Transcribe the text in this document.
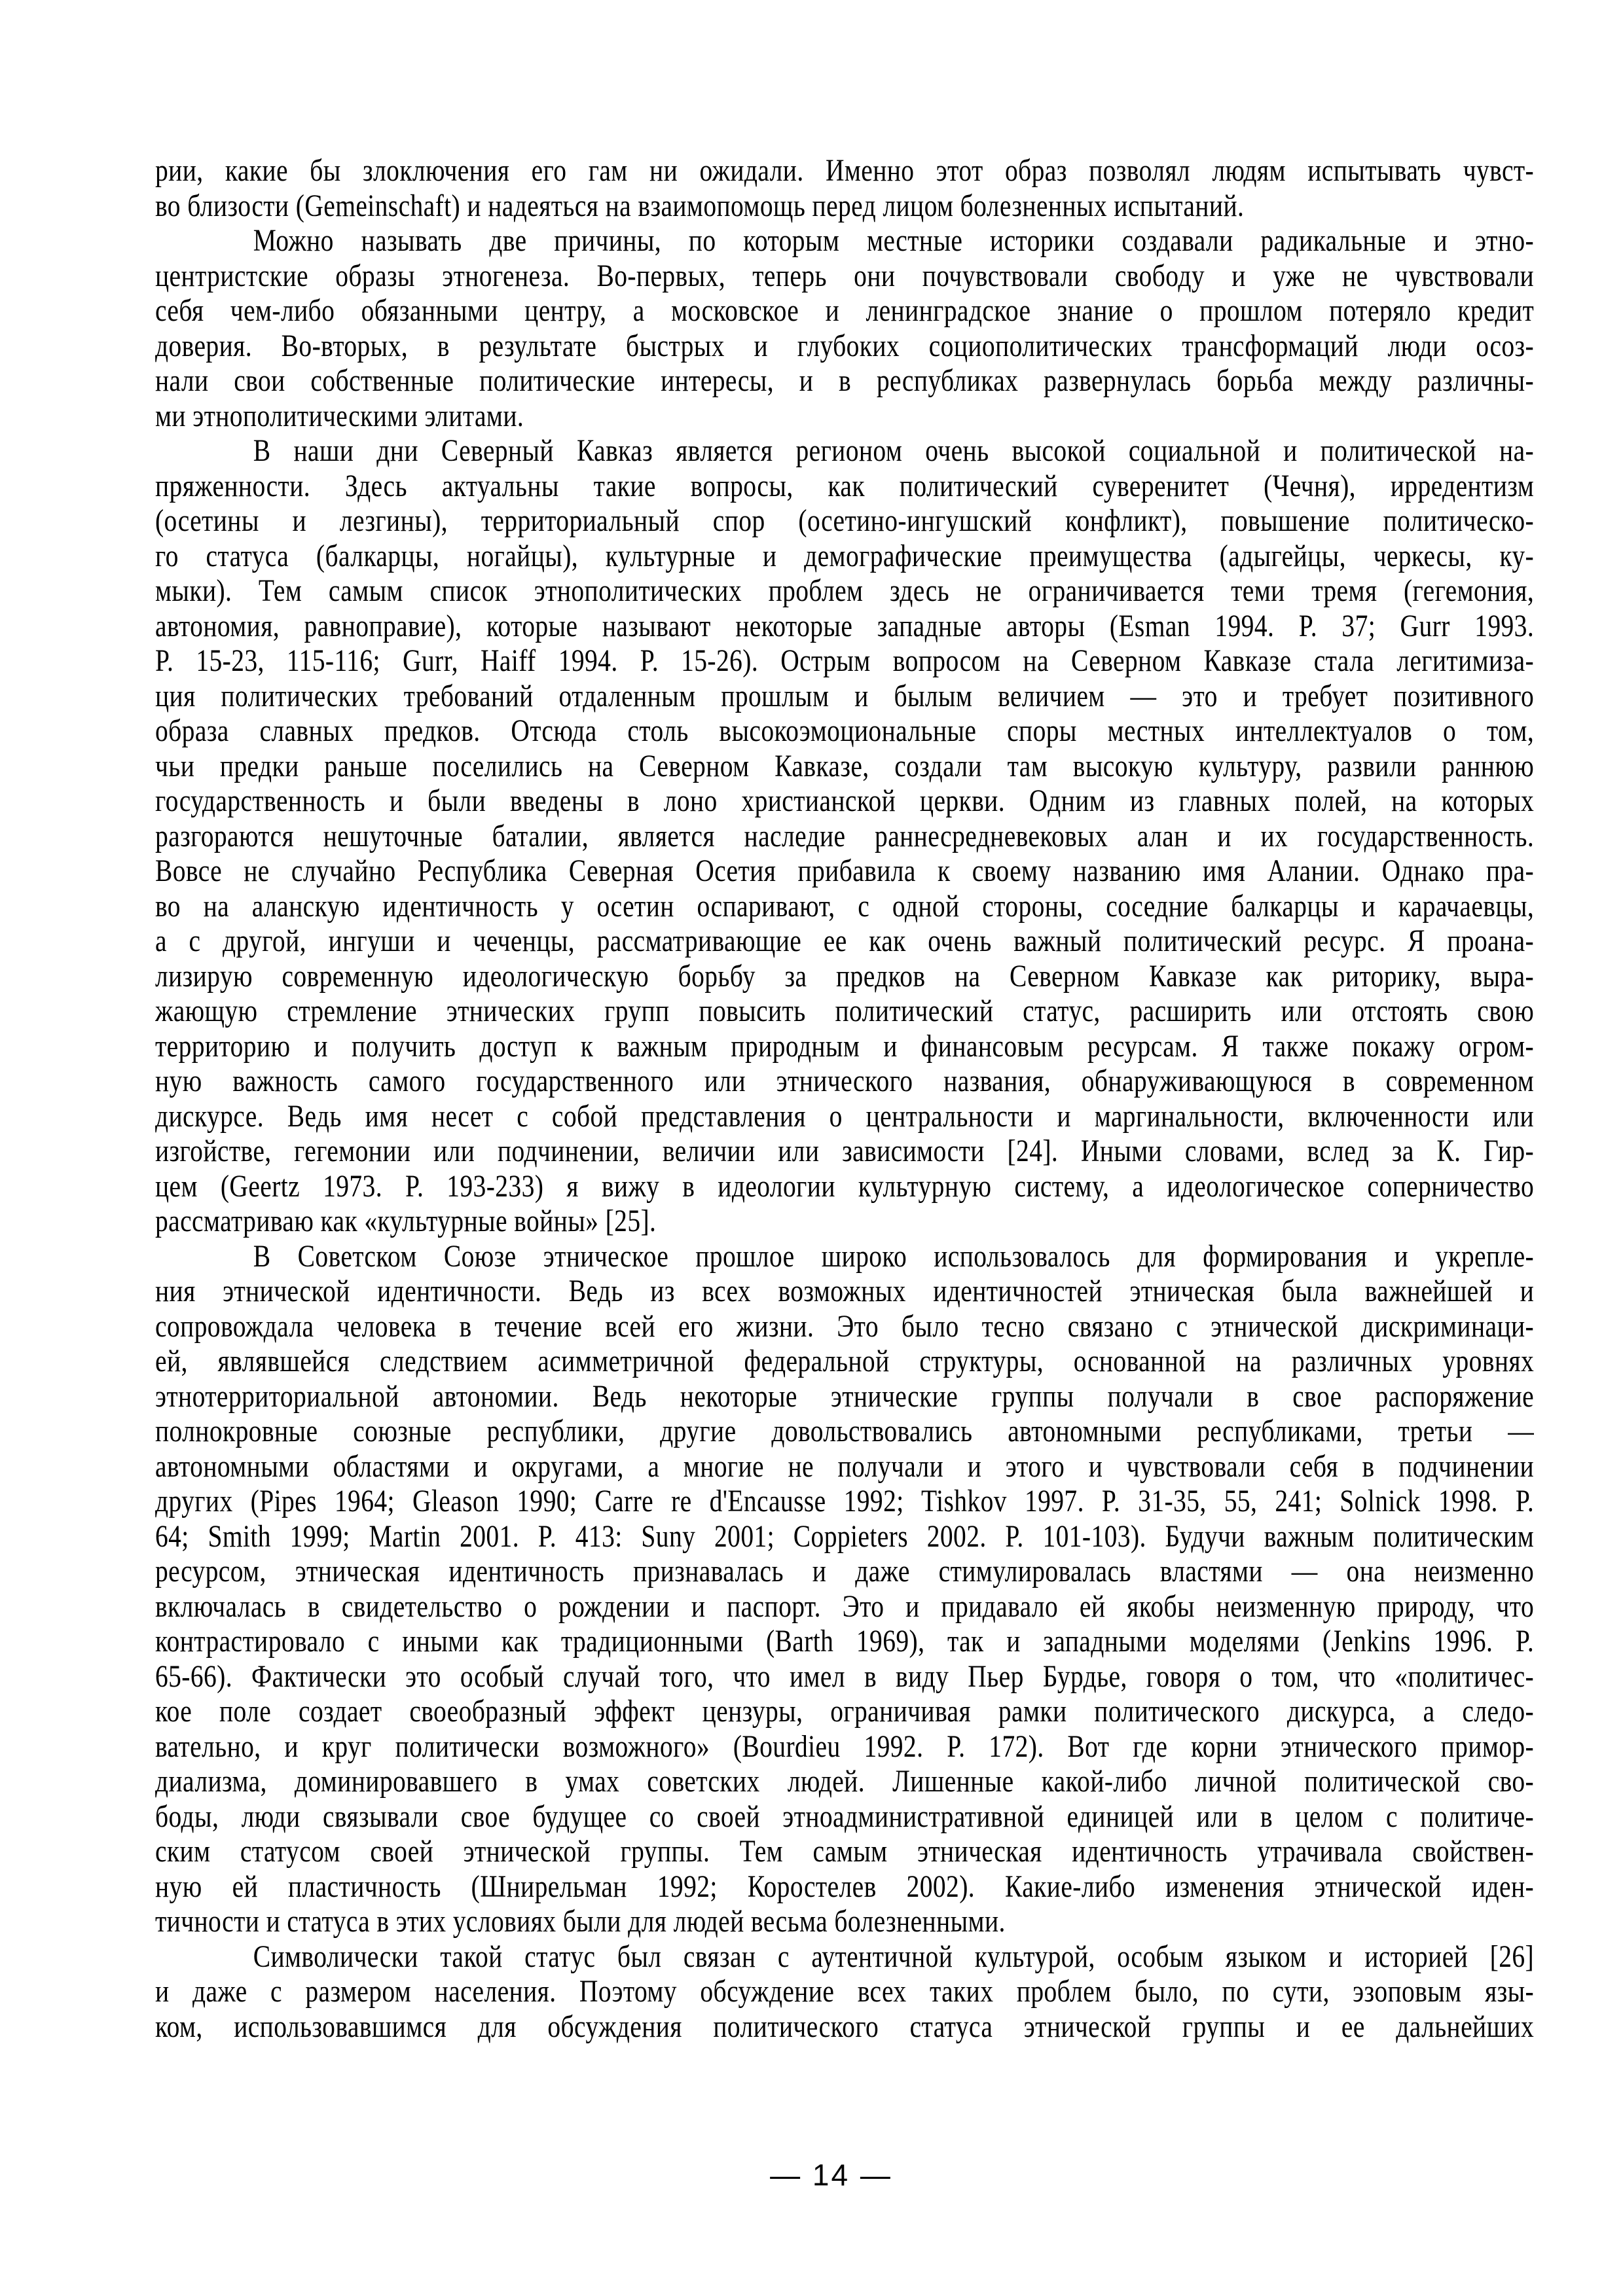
рии, какие бы злоключения его гам ни ожидали. Именно этот образ позволял людям испытывать чувст-
во близости (Gemeinschaft) и надеяться на взаимопомощь перед лицом болезненных испытаний.
Можно называть две причины, по которым местные историки создавали радикальные и этно-
центристские образы этногенеза. Во-первых, теперь они почувствовали свободу и уже не чувствовали
себя чем-либо обязанными центру, а московское и ленинградское знание о прошлом потеряло кредит
доверия. Во-вторых, в результате быстрых и глубоких социополитических трансформаций люди осоз-
нали свои собственные политические интересы, и в республиках развернулась борьба между различны-
ми этнополитическими элитами.
В наши дни Северный Кавказ является регионом очень высокой социальной и политической на-
пряженности. Здесь актуальны такие вопросы, как политический суверенитет (Чечня), ирредентизм
(осетины и лезгины), территориальный спор (осетино-ингушский конфликт), повышение политическо-
го статуса (балкарцы, ногайцы), культурные и демографические преимущества (адыгейцы, черкесы, ку-
мыки). Тем самым список этнополитических проблем здесь не ограничивается теми тремя (гегемония,
автономия, равноправие), которые называют некоторые западные авторы (Esman 1994. P. 37; Gurr 1993.
P. 15-23, 115-116; Gurr, Haiff 1994. P. 15-26). Острым вопросом на Северном Кавказе стала легитимиза-
ция политических требований отдаленным прошлым и былым величием — это и требует позитивного
образа славных предков. Отсюда столь высокоэмоциональные споры местных интеллектуалов о том,
чьи предки раньше поселились на Северном Кавказе, создали там высокую культуру, развили раннюю
государственность и были введены в лоно христианской церкви. Одним из главных полей, на которых
разгораются нешуточные баталии, является наследие раннесредневековых алан и их государственность.
Вовсе не случайно Республика Северная Осетия прибавила к своему названию имя Алании. Однако пра-
во на аланскую идентичность у осетин оспаривают, с одной стороны, соседние балкарцы и карачаевцы,
а с другой, ингуши и чеченцы, рассматривающие ее как очень важный политический ресурс. Я проана-
лизирую современную идеологическую борьбу за предков на Северном Кавказе как риторику, выра-
жающую стремление этнических групп повысить политический статус, расширить или отстоять свою
территорию и получить доступ к важным природным и финансовым ресурсам. Я также покажу огром-
ную важность самого государственного или этнического названия, обнаруживающуюся в современном
дискурсе. Ведь имя несет с собой представления о центральности и маргинальности, включенности или
изгойстве, гегемонии или подчинении, величии или зависимости [24]. Иными словами, вслед за К. Гир-
цем (Geertz 1973. P. 193-233) я вижу в идеологии культурную систему, а идеологическое соперничество
рассматриваю как «культурные войны» [25].
В Советском Союзе этническое прошлое широко использовалось для формирования и укрепле-
ния этнической идентичности. Ведь из всех возможных идентичностей этническая была важнейшей и
сопровождала человека в течение всей его жизни. Это было тесно связано с этнической дискриминаци-
ей, являвшейся следствием асимметричной федеральной структуры, основанной на различных уровнях
этнотерриториальной автономии. Ведь некоторые этнические группы получали в свое распоряжение
полнокровные союзные республики, другие довольствовались автономными республиками, третьи —
автономными областями и округами, а многие не получали и этого и чувствовали себя в подчинении
других (Pipes 1964; Gleason 1990; Carre re d'Encausse 1992; Tishkov 1997. P. 31-35, 55, 241; Solnick 1998. P.
64; Smith 1999; Martin 2001. P. 413: Suny 2001; Coppieters 2002. P. 101-103). Будучи важным политическим
ресурсом, этническая идентичность признавалась и даже стимулировалась властями — она неизменно
включалась в свидетельство о рождении и паспорт. Это и придавало ей якобы неизменную природу, что
контрастировало с иными как традиционными (Barth 1969), так и западными моделями (Jenkins 1996. P.
65-66). Фактически это особый случай того, что имел в виду Пьер Бурдье, говоря о том, что «политичес-
кое поле создает своеобразный эффект цензуры, ограничивая рамки политического дискурса, а следо-
вательно, и круг политически возможного» (Bourdieu 1992. P. 172). Вот где корни этнического примор-
диализма, доминировавшего в умах советских людей. Лишенные какой-либо личной политической сво-
боды, люди связывали свое будущее со своей этноадминистративной единицей или в целом с политиче-
ским статусом своей этнической группы. Тем самым этническая идентичность утрачивала свойствен-
ную ей пластичность (Шнирельман 1992; Коростелев 2002). Какие-либо изменения этнической иден-
тичности и статуса в этих условиях были для людей весьма болезненными.
Символически такой статус был связан с аутентичной культурой, особым языком и историей [26]
и даже с размером населения. Поэтому обсуждение всех таких проблем было, по сути, эзоповым язы-
ком, использовавшимся для обсуждения политического статуса этнической группы и ее дальнейших
— 14 —
